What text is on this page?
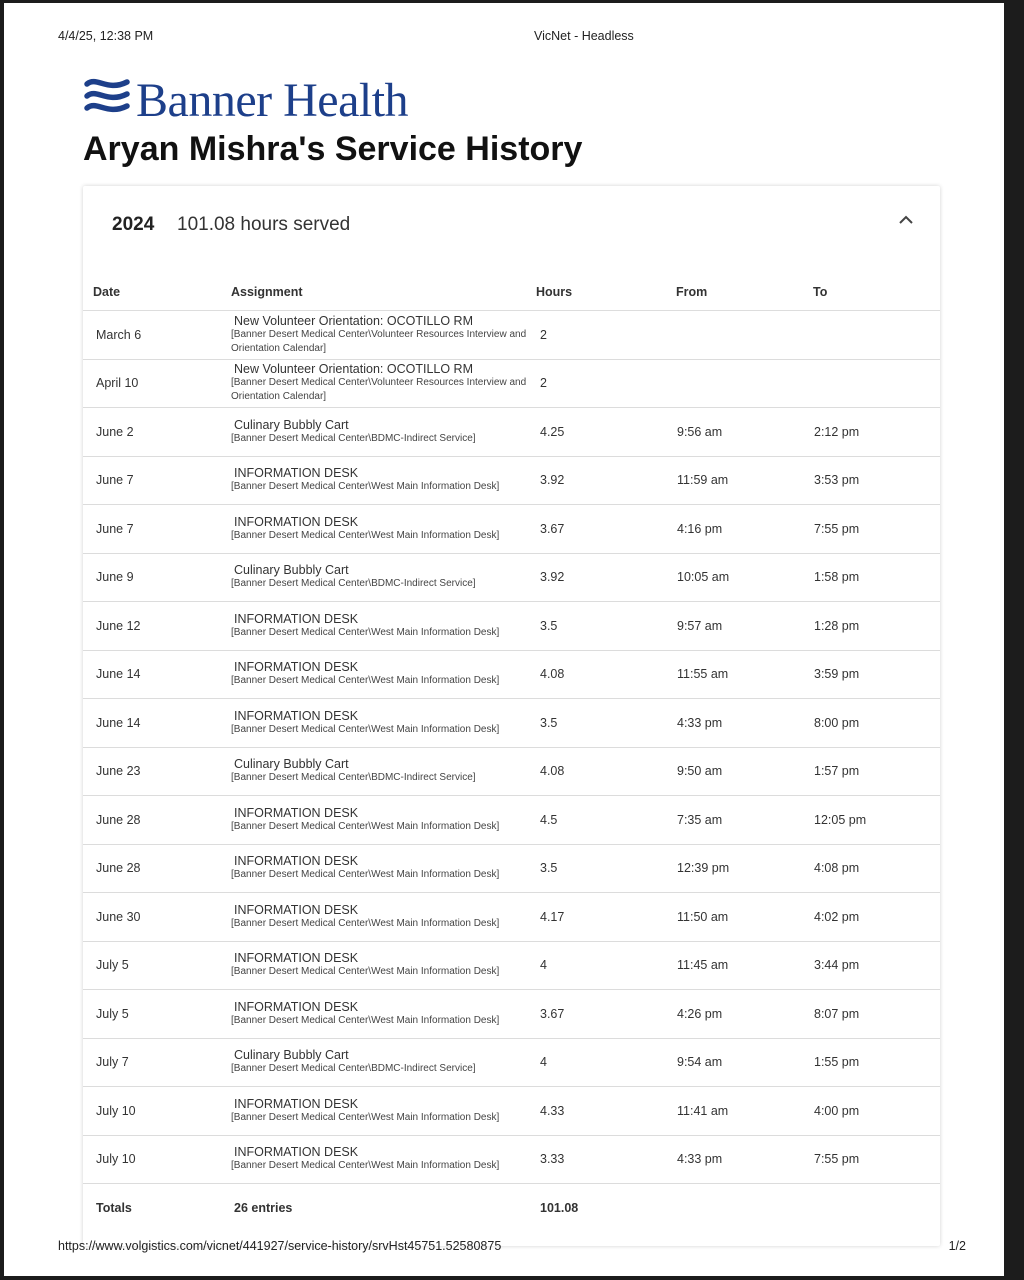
4/4/25, 12:38 PM	VicNet - Headless
Banner Health
Aryan Mishra's Service History
2024 101.08 hours served
Date	Assignment	Hours	From	To
March 6	New Volunteer Orientation: OCOTILLO RM
[Banner Desert Medical Center\Volunteer Resources Interview and Orientation Calendar]	2		
April 10	New Volunteer Orientation: OCOTILLO RM
[Banner Desert Medical Center\Volunteer Resources Interview and Orientation Calendar]	2		
June 2	Culinary Bubbly Cart
[Banner Desert Medical Center\BDMC-Indirect Service]	4.25	9:56 am	2:12 pm
June 7	INFORMATION DESK
[Banner Desert Medical Center\West Main Information Desk]	3.92	11:59 am	3:53 pm
June 7	INFORMATION DESK
[Banner Desert Medical Center\West Main Information Desk]	3.67	4:16 pm	7:55 pm
June 9	Culinary Bubbly Cart
[Banner Desert Medical Center\BDMC-Indirect Service]	3.92	10:05 am	1:58 pm
June 12	INFORMATION DESK
[Banner Desert Medical Center\West Main Information Desk]	3.5	9:57 am	1:28 pm
June 14	INFORMATION DESK
[Banner Desert Medical Center\West Main Information Desk]	4.08	11:55 am	3:59 pm
June 14	INFORMATION DESK
[Banner Desert Medical Center\West Main Information Desk]	3.5	4:33 pm	8:00 pm
June 23	Culinary Bubbly Cart
[Banner Desert Medical Center\BDMC-Indirect Service]	4.08	9:50 am	1:57 pm
June 28	INFORMATION DESK
[Banner Desert Medical Center\West Main Information Desk]	4.5	7:35 am	12:05 pm
June 28	INFORMATION DESK
[Banner Desert Medical Center\West Main Information Desk]	3.5	12:39 pm	4:08 pm
June 30	INFORMATION DESK
[Banner Desert Medical Center\West Main Information Desk]	4.17	11:50 am	4:02 pm
July 5	INFORMATION DESK
[Banner Desert Medical Center\West Main Information Desk]	4	11:45 am	3:44 pm
July 5	INFORMATION DESK
[Banner Desert Medical Center\West Main Information Desk]	3.67	4:26 pm	8:07 pm
July 7	Culinary Bubbly Cart
[Banner Desert Medical Center\BDMC-Indirect Service]	4	9:54 am	1:55 pm
July 10	INFORMATION DESK
[Banner Desert Medical Center\West Main Information Desk]	4.33	11:41 am	4:00 pm
July 10	INFORMATION DESK
[Banner Desert Medical Center\West Main Information Desk]	3.33	4:33 pm	7:55 pm
Totals	26 entries	101.08		
https://www.volgistics.com/vicnet/441927/service-history/srvHst45751.52580875	1/2
